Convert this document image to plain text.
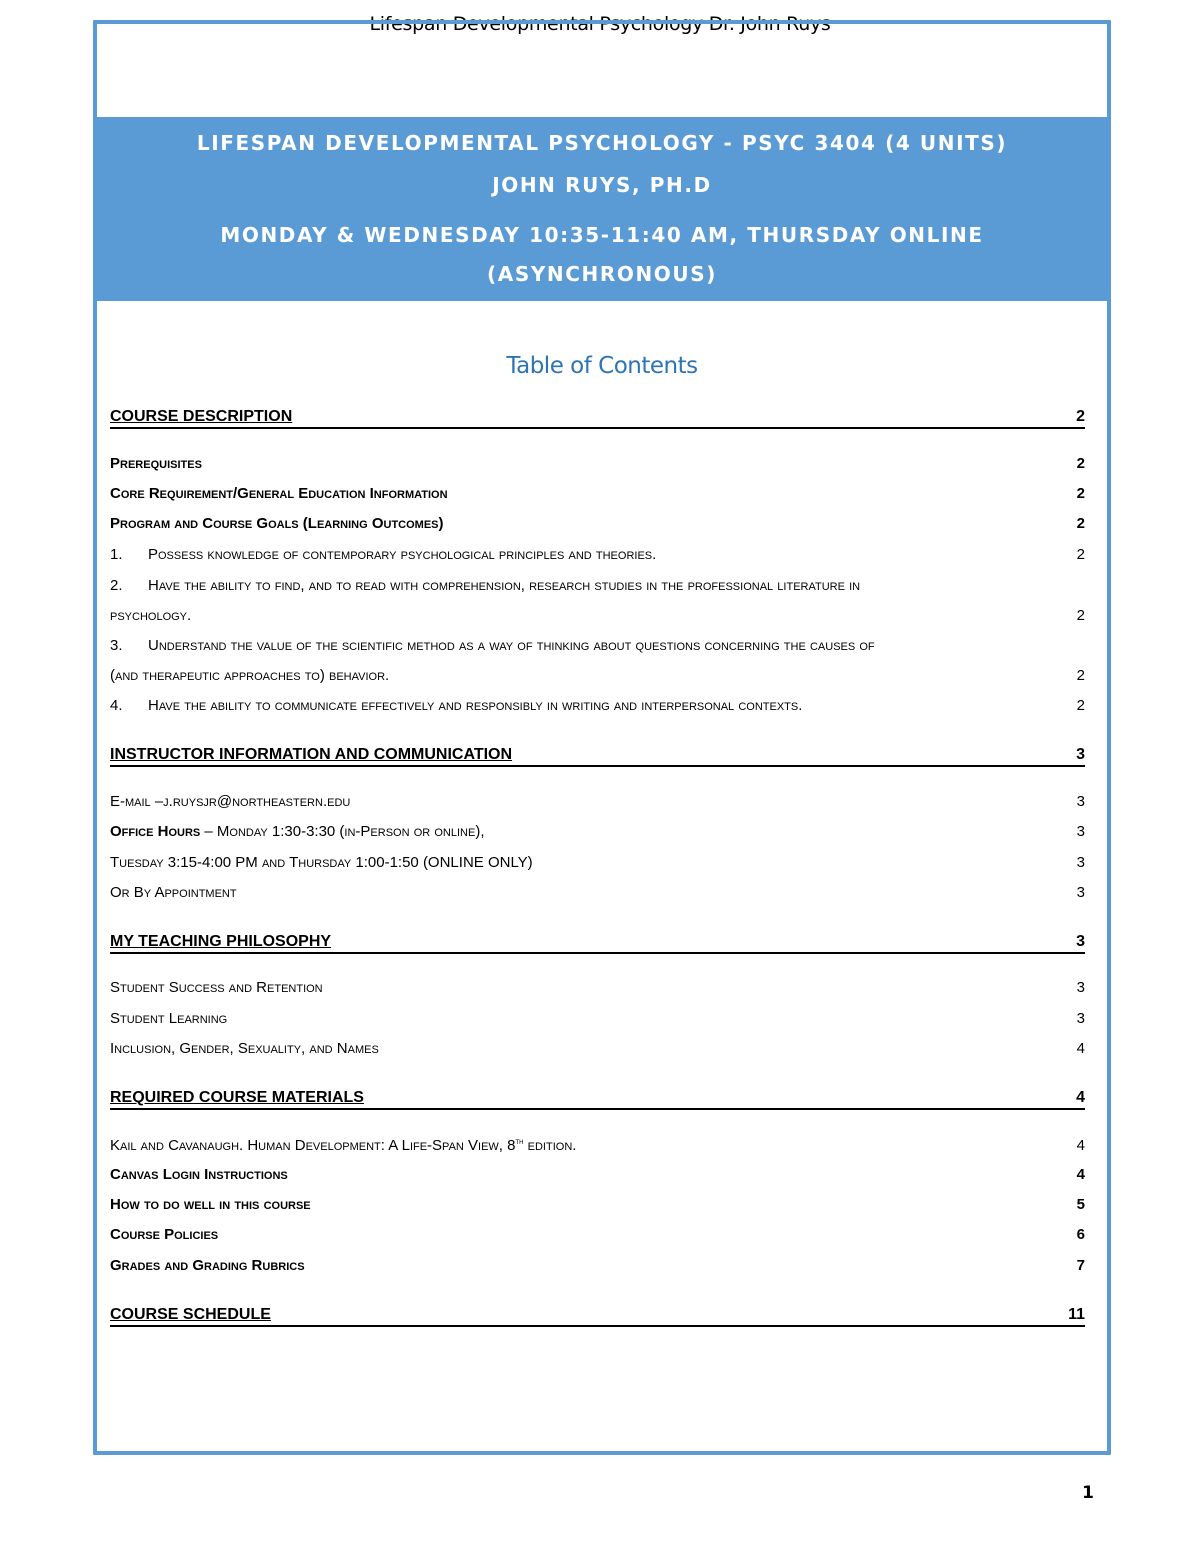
Lifespan Developmental Psychology Dr. John Ruys
LIFESPAN DEVELOPMENTAL PSYCHOLOGY - PSYC 3404 (4 UNITS)
JOHN RUYS, PH.D
MONDAY & WEDNESDAY 10:35-11:40 AM, THURSDAY ONLINE
(ASYNCHRONOUS)
Table of Contents
COURSE DESCRIPTION	2
Prerequisites	2
Core Requirement/General Education Information	2
Program and Course Goals (Learning Outcomes)	2
1. Possess knowledge of contemporary psychological principles and theories.	2
2. Have the ability to find, and to read with comprehension, research studies in the professional literature in
psychology.	2
3. Understand the value of the scientific method as a way of thinking about questions concerning the causes of
(and therapeutic approaches to) behavior.	2
4. Have the ability to communicate effectively and responsibly in writing and interpersonal contexts.	2
INSTRUCTOR INFORMATION AND COMMUNICATION	3
E-mail –j.ruysjr@northeastern.edu	3
Office Hours – Monday 1:30-3:30 (in-Person or online),	3
Tuesday 3:15-4:00 PM and Thursday 1:00-1:50 (ONLINE ONLY)	3
Or By Appointment	3
MY TEACHING PHILOSOPHY	3
Student Success and Retention	3
Student Learning	3
Inclusion, Gender, Sexuality, and Names	4
REQUIRED COURSE MATERIALS	4
Kail and Cavanaugh. Human Development: A Life-Span View, 8th edition.	4
Canvas Login Instructions	4
How to do well in this course	5
Course Policies	6
Grades and Grading Rubrics	7
COURSE SCHEDULE	11
1
